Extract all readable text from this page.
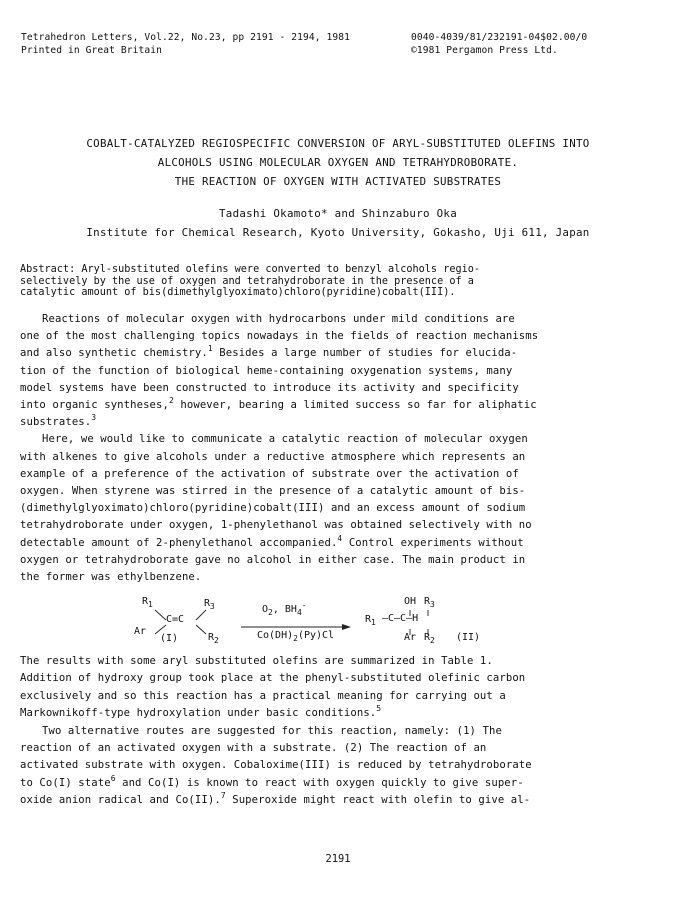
Tetrahedron Letters, Vol.22, No.23, pp 2191 - 2194, 1981
Printed in Great Britain
0040-4039/81/232191-04$02.00/0
©1981 Pergamon Press Ltd.
COBALT-CATALYZED REGIOSPECIFIC CONVERSION OF ARYL-SUBSTITUTED OLEFINS INTO
ALCOHOLS USING MOLECULAR OXYGEN AND TETRAHYDROBORATE.
THE REACTION OF OXYGEN WITH ACTIVATED SUBSTRATES
Tadashi Okamoto* and Shinzaburo Oka
Institute for Chemical Research, Kyoto University, Gokasho, Uji 611, Japan
Abstract: Aryl-substituted olefins were converted to benzyl alcohols regio-
selectively by the use of oxygen and tetrahydroborate in the presence of a
catalytic amount of bis(dimethylglyoximato)chloro(pyridine)cobalt(III).
Reactions of molecular oxygen with hydrocarbons under mild conditions are
one of the most challenging topics nowadays in the fields of reaction mechanisms
and also synthetic chemistry.$^1$ Besides a large number of studies for elucida-
tion of the function of biological heme-containing oxygenation systems, many
model systems have been constructed to introduce its activity and specificity
into organic syntheses,$^2$ however, bearing a limited success so far for aliphatic
substrates.$^3$
Here, we would like to communicate a catalytic reaction of molecular oxygen
with alkenes to give alcohols under a reductive atmosphere which represents an
example of a preference of the activation of substrate over the activation of
oxygen. When styrene was stirred in the presence of a catalytic amount of bis-
(dimethylglyoximato)chloro(pyridine)cobalt(III) and an excess amount of sodium
tetrahydroborate under oxygen, 1-phenylethanol was obtained selectively with no
detectable amount of 2-phenylethanol accompanied.$^4$ Control experiments without
oxygen or tetrahydroborate gave no alcohol in either case. The main product in
the former was ethylbenzene.
$R_1$	$R_3$
C=C
Ar
(I)	$R_2$
$O_2$, $BH_4^-$
$Co(DH)_2(Py)Cl$
OH $R_3$
$R_1$ —C—C—H
Ar $R_2$ (II)
The results with some aryl substituted olefins are summarized in Table 1.
Addition of hydroxy group took place at the phenyl-substituted olefinic carbon
exclusively and so this reaction has a practical meaning for carrying out a
Markownikoff-type hydroxylation under basic conditions.$^5$
Two alternative routes are suggested for this reaction, namely: (1) The
reaction of an activated oxygen with a substrate. (2) The reaction of an
activated substrate with oxygen. Cobaloxime(III) is reduced by tetrahydroborate
to Co(I) state$^6$ and Co(I) is known to react with oxygen quickly to give super-
oxide anion radical and Co(II).$^7$ Superoxide might react with olefin to give al-
2191
